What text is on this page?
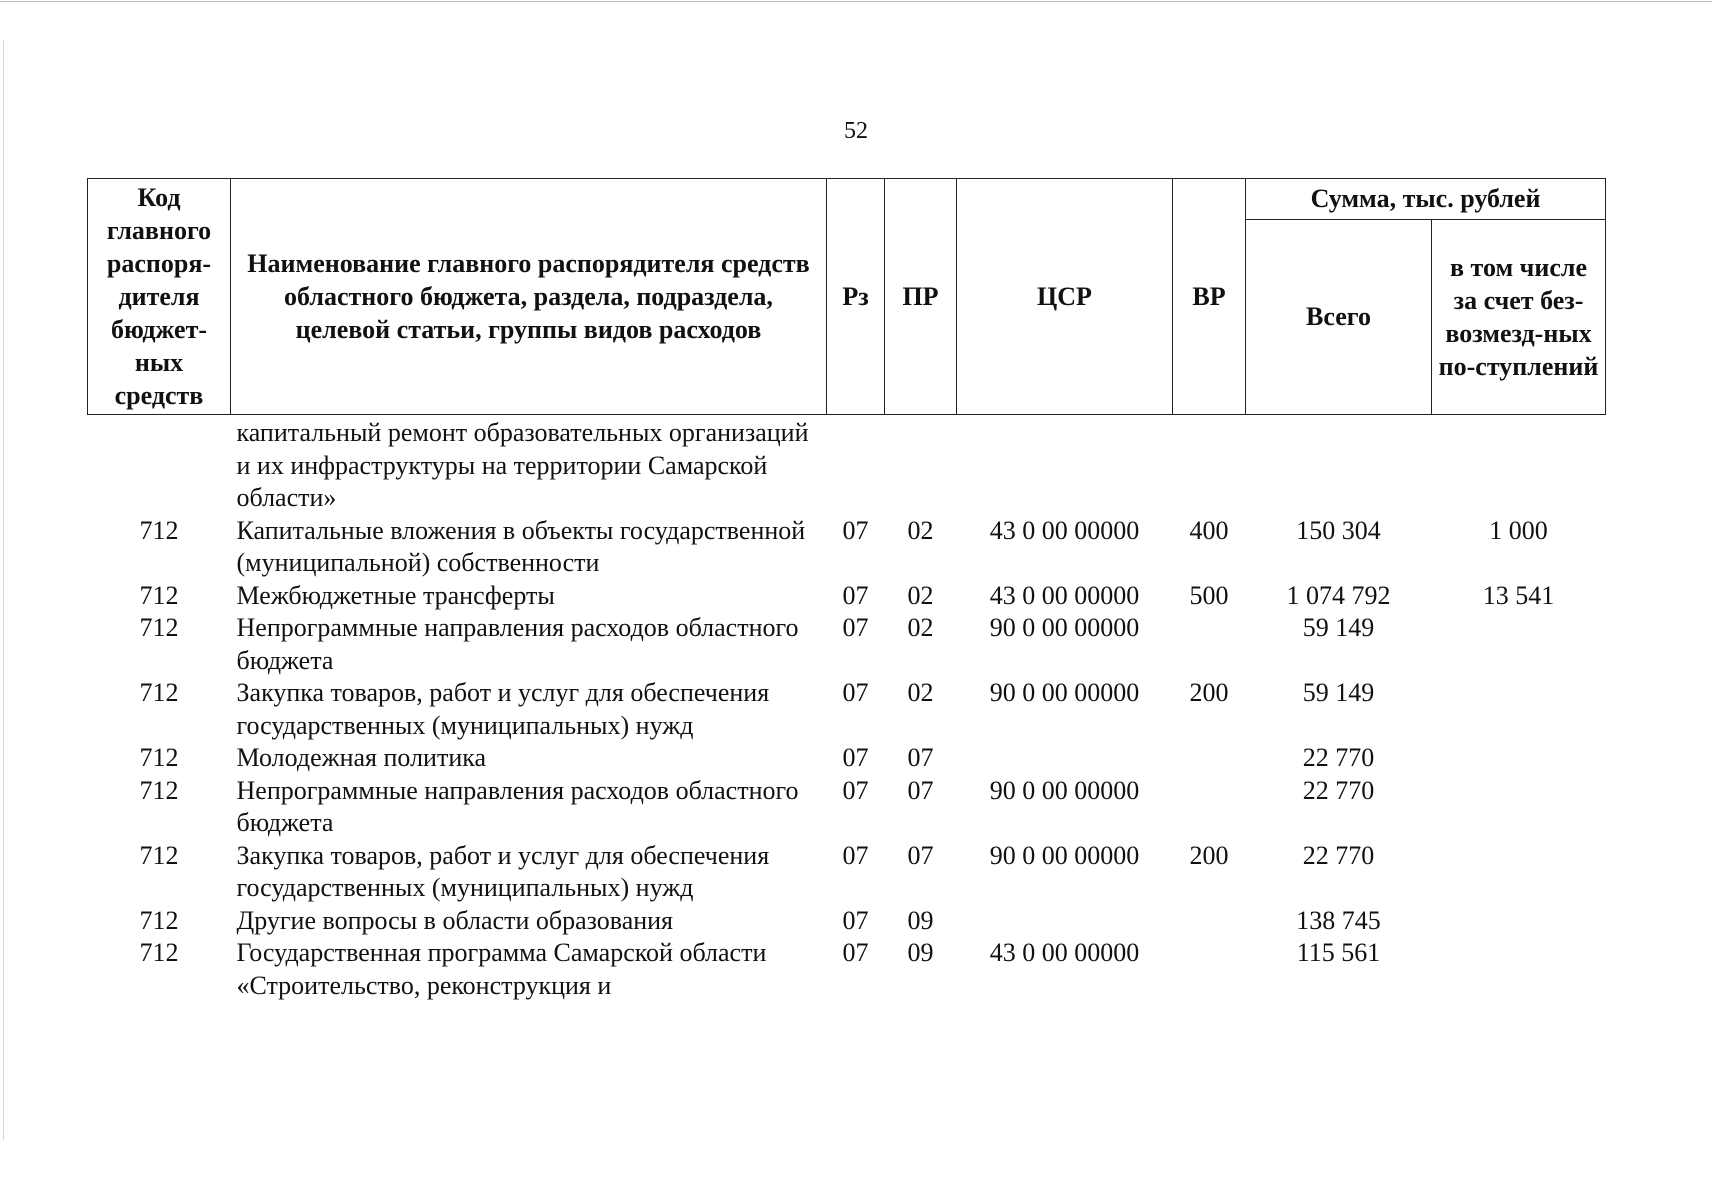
52
Код главного распоря-дителя бюджет-ных средств	Наименование главного распорядителя средств областного бюджета, раздела, подраздела, целевой статьи, группы видов расходов	Рз	ПР	ЦСР	ВР	Сумма, тыс. рублей	
						Всего	в том числе за счет без-возмезд-ных по-ступлений
	капитальный ремонт образовательных организаций и их инфраструктуры на территории Самарской области»						
712	Капитальные вложения в объекты государственной (муниципальной) собственности	07	02	43 0 00 00000	400	150 304	1 000
712	Межбюджетные трансферты	07	02	43 0 00 00000	500	1 074 792	13 541
712	Непрограммные направления расходов областного бюджета	07	02	90 0 00 00000		59 149	
712	Закупка товаров, работ и услуг для обеспечения государственных (муниципальных) нужд	07	02	90 0 00 00000	200	59 149	
712	Молодежная политика	07	07			22 770	
712	Непрограммные направления расходов областного бюджета	07	07	90 0 00 00000		22 770	
712	Закупка товаров, работ и услуг для обеспечения государственных (муниципальных) нужд	07	07	90 0 00 00000	200	22 770	
712	Другие вопросы в области образования	07	09			138 745	
712	Государственная программа Самарской области «Строительство, реконструкция и	07	09	43 0 00 00000		115 561	
